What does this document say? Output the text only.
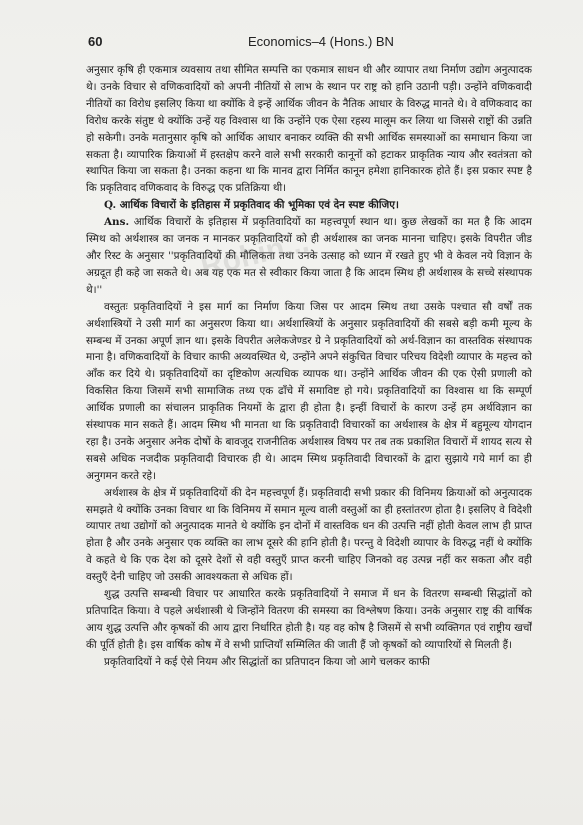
60	Economics–4 (Hons.) BN

अनुसार कृषि ही एकमात्र व्यवसाय तथा सीमित सम्पत्ति का एकमात्र साधन थी और व्यापार तथा निर्माण उद्योग अनुत्पादक थे। उनके विचार से वणिकवादियों को अपनी नीतियों से लाभ के स्थान पर राष्ट्र को हानि उठानी पड़ी। उन्होंने वणिकवादी नीतियों का विरोध इसलिए किया था क्योंकि वे इन्हें आर्थिक जीवन के नैतिक आधार के विरुद्ध मानते थे। वे वणिकवाद का विरोध करके संतुष्ट थे क्योंकि उन्हें यह विश्वास था कि उन्होंने एक ऐसा रहस्य मालूम कर लिया था जिससे राष्ट्रों की उन्नति हो सकेगी। उनके मतानुसार कृषि को आर्थिक आधार बनाकर व्यक्ति की सभी आर्थिक समस्याओं का समाधान किया जा सकता है। व्यापारिक क्रियाओं में हस्तक्षेप करने वाले सभी सरकारी कानूनों को हटाकर प्राकृतिक न्याय और स्वतंत्रता को स्थापित किया जा सकता है। उनका कहना था कि मानव द्वारा निर्मित कानून हमेशा हानिकारक होते हैं। इस प्रकार स्पष्ट है कि प्रकृतिवाद वणिकवाद के विरुद्ध एक प्रतिक्रिया थी।

Q. आर्थिक विचारों के इतिहास में प्रकृतिवाद की भूमिका एवं देन स्पष्ट कीजिए।

Ans. आर्थिक विचारों के इतिहास में प्रकृतिवादियों का महत्त्वपूर्ण स्थान था। कुछ लेखकों का मत है कि आदम स्मिथ को अर्थशास्त्र का जनक न मानकर प्रकृतिवादियों को ही अर्थशास्त्र का जनक मानना चाहिए। इसके विपरीत जीड और रिस्ट के अनुसार ''प्रकृतिवादियों की मौलिकता तथा उनके उत्साह को ध्यान में रखते हुए भी वे केवल नये विज्ञान के अग्रदूत ही कहे जा सकते थे। अब यह एक मत से स्वीकार किया जाता है कि आदम स्मिथ ही अर्थशास्त्र के सच्चे संस्थापक थे।''

वस्तुतः प्रकृतिवादियों ने इस मार्ग का निर्माण किया जिस पर आदम स्मिथ तथा उसके पश्चात सौ वर्षों तक अर्थशास्त्रियों ने उसी मार्ग का अनुसरण किया था। अर्थशास्त्रियों के अनुसार प्रकृतिवादियों की सबसे बड़ी कमी मूल्य के सम्बन्ध में उनका अपूर्ण ज्ञान था। इसके विपरीत अलेकजेण्डर ग्रे ने प्रकृतिवादियों को अर्थ-विज्ञान का वास्तविक संस्थापक माना है। वणिकवादियों के विचार काफी अव्यवस्थित थे, उन्होंने अपने संकुचित विचार परिचय विदेशी व्यापार के महत्त्व को आँक कर दिये थे। प्रकृतिवादियों का दृष्टिकोण अत्यधिक व्यापक था। उन्होंने आर्थिक जीवन की एक ऐसी प्रणाली को विकसित किया जिसमें सभी सामाजिक तथ्य एक ढाँचे में समाविष्ट हो गये। प्रकृतिवादियों का विश्वास था कि सम्पूर्ण आर्थिक प्रणाली का संचालन प्राकृतिक नियमों के द्वारा ही होता है। इन्हीं विचारों के कारण उन्हें हम अर्थविज्ञान का संस्थापक मान सकते हैं। आदम स्मिथ भी मानता था कि प्रकृतिवादी विचारकों का अर्थशास्त्र के क्षेत्र में बहुमूल्य योगदान रहा है। उनके अनुसार अनेक दोषों के बावजूद राजनीतिक अर्थशास्त्र विषय पर तब तक प्रकाशित विचारों में शायद सत्य से सबसे अधिक नजदीक प्रकृतिवादी विचारक ही थे। आदम स्मिथ प्रकृतिवादी विचारकों के द्वारा सुझाये गये मार्ग का ही अनुगमन करते रहे।

अर्थशास्त्र के क्षेत्र में प्रकृतिवादियों की देन महत्त्वपूर्ण हैं। प्रकृतिवादी सभी प्रकार की विनिमय क्रियाओं को अनुत्पादक समझते थे क्योंकि उनका विचार था कि विनिमय में समान मूल्य वाली वस्तुओं का ही हस्तांतरण होता है। इसलिए वे विदेशी व्यापार तथा उद्योगों को अनुत्पादक मानते थे क्योंकि इन दोनों में वास्तविक धन की उत्पत्ति नहीं होती केवल लाभ ही प्राप्त होता है और उनके अनुसार एक व्यक्ति का लाभ दूसरे की हानि होती है। परन्तु वे विदेशी व्यापार के विरुद्ध नहीं थे क्योंकि वे कहते थे कि एक देश को दूसरे देशों से वही वस्तुएँ प्राप्त करनी चाहिए जिनको वह उत्पन्न नहीं कर सकता और वही वस्तुएँ देनी चाहिए जो उसकी आवश्यकता से अधिक हों।

शुद्ध उत्पत्ति सम्बन्धी विचार पर आधारित करके प्रकृतिवादियों ने समाज में धन के वितरण सम्बन्धी सिद्धांतों को प्रतिपादित किया। वे पहले अर्थशास्त्री थे जिन्होंने वितरण की समस्या का विश्लेषण किया। उनके अनुसार राष्ट्र की वार्षिक आय शुद्ध उत्पत्ति और कृषकों की आय द्वारा निर्धारित होती है। यह वह कोष है जिसमें से सभी व्यक्तिगत एवं राष्ट्रीय खर्चों की पूर्ति होती है। इस वार्षिक कोष में वे सभी प्राप्तियाँ सम्मिलित की जाती हैं जो कृषकों को व्यापारियों से मिलती हैं।

प्रकृतिवादियों ने कई ऐसे नियम और सिद्धांतों का प्रतिपादन किया जो आगे चलकर काफी

Rohin...
